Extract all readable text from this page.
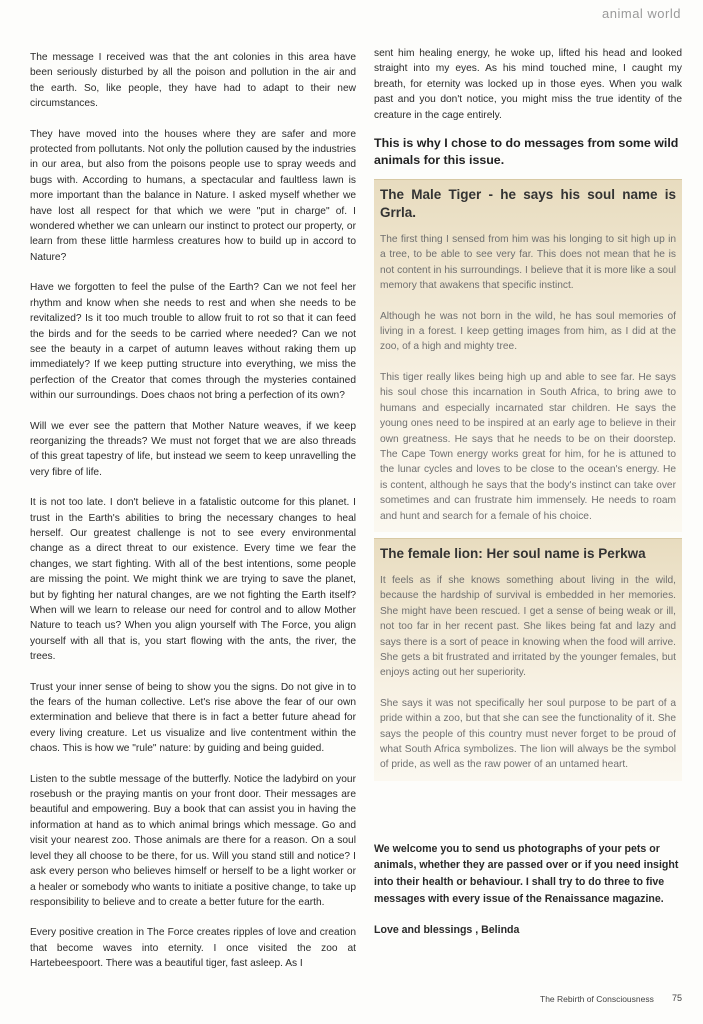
animal world

The message I received was that the ant colonies in this area have been seriously disturbed by all the poison and pollution in the air and the earth. So, like people, they have had to adapt to their new circumstances.

They have moved into the houses where they are safer and more protected from pollutants. Not only the pollution caused by the industries in our area, but also from the poisons people use to spray weeds and bugs with. According to humans, a spectacular and faultless lawn is more important than the balance in Nature. I asked myself whether we have lost all respect for that which we were "put in charge" of. I wondered whether we can unlearn our instinct to protect our property, or learn from these little harmless creatures how to build up in accord to Nature?

Have we forgotten to feel the pulse of the Earth? Can we not feel her rhythm and know when she needs to rest and when she needs to be revitalized? Is it too much trouble to allow fruit to rot so that it can feed the birds and for the seeds to be carried where needed? Can we not see the beauty in a carpet of autumn leaves without raking them up immediately? If we keep putting structure into everything, we miss the perfection of the Creator that comes through the mysteries contained within our surroundings. Does chaos not bring a perfection of its own?

Will we ever see the pattern that Mother Nature weaves, if we keep reorganizing the threads? We must not forget that we are also threads of this great tapestry of life, but instead we seem to keep unravelling the very fibre of life.

It is not too late. I don't believe in a fatalistic outcome for this planet. I trust in the Earth's abilities to bring the necessary changes to heal herself. Our greatest challenge is not to see every environmental change as a direct threat to our existence. Every time we fear the changes, we start fighting. With all of the best intentions, some people are missing the point. We might think we are trying to save the planet, but by fighting her natural changes, are we not fighting the Earth itself? When will we learn to release our need for control and to allow Mother Nature to teach us? When you align yourself with The Force, you align yourself with all that is, you start flowing with the ants, the river, the trees.

Trust your inner sense of being to show you the signs. Do not give in to the fears of the human collective. Let's rise above the fear of our own extermination and believe that there is in fact a better future ahead for every living creature. Let us visualize and live contentment within the chaos. This is how we "rule" nature: by guiding and being guided.

Listen to the subtle message of the butterfly. Notice the ladybird on your rosebush or the praying mantis on your front door. Their messages are beautiful and empowering. Buy a book that can assist you in having the information at hand as to which animal brings which message. Go and visit your nearest zoo. Those animals are there for a reason. On a soul level they all choose to be there, for us. Will you stand still and notice? I ask every person who believes himself or herself to be a light worker or a healer or somebody who wants to initiate a positive change, to take up responsibility to believe and to create a better future for the earth.

Every positive creation in The Force creates ripples of love and creation that become waves into eternity. I once visited the zoo at Hartebeespoort. There was a beautiful tiger, fast asleep. As I

sent him healing energy, he woke up, lifted his head and looked straight into my eyes. As his mind touched mine, I caught my breath, for eternity was locked up in those eyes. When you walk past and you don't notice, you might miss the true identity of the creature in the cage entirely.

This is why I chose to do messages from some wild animals for this issue.
The Male Tiger - he says his soul name is Grrla.

The first thing I sensed from him was his longing to sit high up in a tree, to be able to see very far. This does not mean that he is not content in his surroundings. I believe that it is more like a soul memory that awakens that specific instinct.

Although he was not born in the wild, he has soul memories of living in a forest. I keep getting images from him, as I did at the zoo, of a high and mighty tree.

This tiger really likes being high up and able to see far. He says his soul chose this incarnation in South Africa, to bring awe to humans and especially incarnated star children. He says the young ones need to be inspired at an early age to believe in their own greatness. He says that he needs to be on their doorstep. The Cape Town energy works great for him, for he is attuned to the lunar cycles and loves to be close to the ocean's energy. He is content, although he says that the body's instinct can take over sometimes and can frustrate him immensely. He needs to roam and hunt and search for a female of his choice.

The female lion: Her soul name is Perkwa

It feels as if she knows something about living in the wild, because the hardship of survival is embedded in her memories. She might have been rescued. I get a sense of being weak or ill, not too far in her recent past. She likes being fat and lazy and says there is a sort of peace in knowing when the food will arrive. She gets a bit frustrated and irritated by the younger females, but enjoys acting out her superiority.

She says it was not specifically her soul purpose to be part of a pride within a zoo, but that she can see the functionality of it. She says the people of this country must never forget to be proud of what South Africa symbolizes. The lion will always be the symbol of pride, as well as the raw power of an untamed heart.

We welcome you to send us photographs of your pets or animals, whether they are passed over or if you need insight into their health or behaviour. I shall try to do three to five messages with every issue of the Renaissance magazine.
Love and blessings , Belinda
The Rebirth of Consciousness 75
